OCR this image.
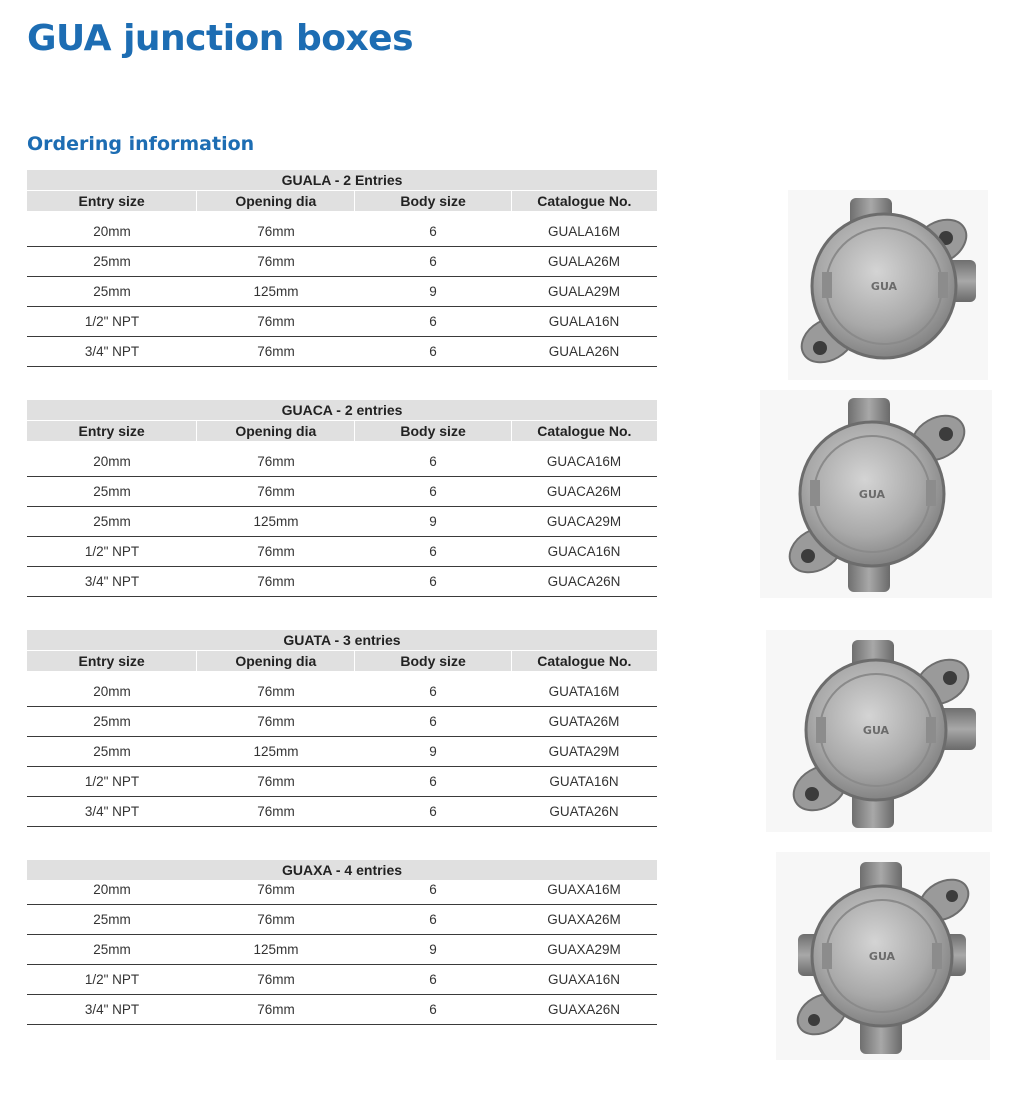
GUA junction boxes
Ordering information
GUALA - 2 Entries
Entry size	Opening dia	Body size	Catalogue No.
20mm	76mm	6	GUALA16M
25mm	76mm	6	GUALA26M
25mm	125mm	9	GUALA29M
1/2" NPT	76mm	6	GUALA16N
3/4" NPT	76mm	6	GUALA26N
GUACA - 2 entries
Entry size	Opening dia	Body size	Catalogue No.
20mm	76mm	6	GUACA16M
25mm	76mm	6	GUACA26M
25mm	125mm	9	GUACA29M
1/2" NPT	76mm	6	GUACA16N
3/4" NPT	76mm	6	GUACA26N
GUATA - 3 entries
Entry size	Opening dia	Body size	Catalogue No.
20mm	76mm	6	GUATA16M
25mm	76mm	6	GUATA26M
25mm	125mm	9	GUATA29M
1/2" NPT	76mm	6	GUATA16N
3/4" NPT	76mm	6	GUATA26N
GUAXA - 4 entries
20mm	76mm	6	GUAXA16M
25mm	76mm	6	GUAXA26M
25mm	125mm	9	GUAXA29M
1/2" NPT	76mm	6	GUAXA16N
3/4" NPT	76mm	6	GUAXA26N
GUA
GUA
GUA
GUA
